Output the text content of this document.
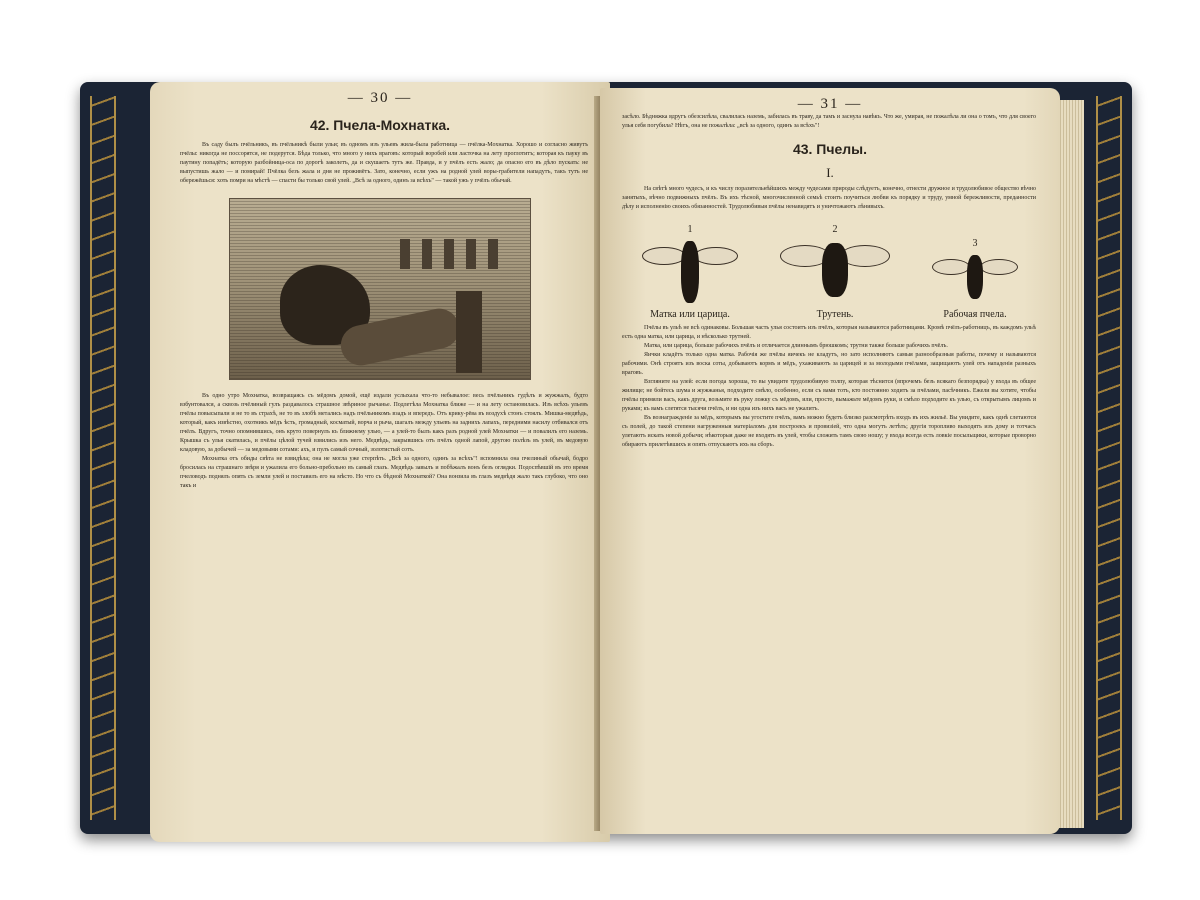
— 30 —
42. Пчела-Мохнатка.

Въ саду былъ пчёльникъ, въ пчёльникѣ были ульи; въ одномъ изъ ульевъ жила-была работница — пчёлка-Мохнатка. Хорошо и согласно живутъ пчёлы: никогда не поссорятся, не подерутся. Бѣда только, что много у нихъ враговъ: который воробей или ласточка на лету проглотитъ; которая къ пауку въ паутину попадётъ; которую разбойница-оса по дорогѣ заколетъ, да и скушаетъ тутъ же. Правда, и у пчёлъ есть жало; да опасно его въ дѣло пускать: не выпустишь жало — и помирай! Пчёлка безъ жала и дня не проживётъ. Зато, конечно, если ужъ на родной улей воры-грабители нападутъ, такъ тутъ не обережёшься: хоть помри на мѣстѣ — спасти бы только свой улей. „Всѣ за одного, одинъ за всѣхъ" — такой ужъ у пчёлъ обычай.

Въ одно утро Мохнатка, возвращаясь съ мёдомъ домой, ещё издали услыхала что-то небывалое: весь пчёльникъ гудѣлъ и жужжалъ, будто взбунтовался, а сквозь пчёлиный гулъ раздавалось страшное звѣриное рычанье. Подлетѣла Мохнатка ближе — и на лету остановилась. Изъ всѣхъ ульевъ пчёлы повысыпали и не то въ страхѣ, не то въ злобѣ метались надъ пчёльникомъ взадъ и впередъ. Отъ крику-рёва въ воздухѣ стонъ стоялъ. Мишка-медвѣдь, который, какъ извѣстно, охотникъ мёдъ ѣсть, громадный, косматый, ворча и рыча, шагалъ между ульевъ на заднихъ лапахъ, передними насилу отбивался отъ пчёлъ. Вдругъ, точно опомнившись, онъ круто повернулъ къ ближнему улью, — а улей-то былъ какъ разъ родной улей Мохнатки — и повалилъ его наземь. Крышка съ улья скатилась, и пчёлы цѣлой тучей взвились изъ него. Медвѣдь, закрывшись отъ пчёлъ одной лапой, другою полѣзъ въ улей, въ медовую кладовую, за добычей — за медовыми сотами: ахъ, и пулъ самый сочный, золотистый сотъ.

Мохнатка отъ обиды свѣта не взвидѣла; она не могла уже стерпѣть. „Всѣ за одного, одинъ за всѣхъ"! вспомнила она пчелиный обычай, бодро бросилась на страшнаго звѣря и ужалила его больно-пребольно въ самый глазъ. Медвѣдь завылъ и побѣжалъ вонъ безъ оглядки. Подоспѣвшій въ это время пчеловодъ поднялъ опять съ земли улей и поставилъ его на мѣсто. Но что съ бѣдной Мохнаткой? Она вонзила въ глазъ медвѣдя жало такъ глубоко, что оно такъ и

— 31 —

засѣло. Бѣдняжка вдругъ обезсилѣла, свалилась наземь, забилась въ траву, да тамъ и заснула навѣкъ. Что же, умирая, не пожалѣла ли она о томъ, что для своего улья себя погубила? Нѣтъ, она не пожалѣла: „всѣ за одного, одинъ за всѣхъ"!

43. Пчелы.
I.

На свѣтѣ много чудесъ, и къ числу поразительнѣйшихъ между чудесами природы слѣдуетъ, конечно, отнести дружное и трудолюбивое общество вѣчно занятыхъ, вѣчно подвижныхъ пчёлъ. Въ ихъ тѣсной, многочисленной семьѣ стоитъ поучиться любви къ порядку и труду, умной бережливости, преданности дѣлу и исполненію своихъ обязанностей. Трудолюбивыя пчёлы ненавидятъ и уничтожаютъ лѣнивыхъ.

1
Матка или царица.
2
Трутень.
3
Рабочая пчела.

Пчёлы въ ульѣ не всѣ одинаковы. Большая часть улья состоитъ изъ пчёлъ, которыя называются работницами. Кромѣ пчёлъ-работницъ, въ каждомъ ульѣ есть одна матка, или царица, и нѣсколько трутней.

Матка, или царица, больше рабочихъ пчёлъ и отличается длиннымъ брюшкомъ; трутни также больше рабочихъ пчёлъ.

Яички кладётъ только одна матка. Рабочія же пчёлы яичекъ не кладутъ, но зато исполняютъ самыя разнообразныя работы, почему и называются рабочими. Онѣ строятъ изъ воска соты, добываютъ кормъ и мёдъ, ухаживаютъ за царицей и за молодыми пчёлами, защищаютъ улей отъ нападенія разныхъ враговъ.

Взгляните на улей: если погода хороша, то вы увидите трудолюбивую толпу, которая тѣснится (впрочемъ безъ всякаго безпорядка) у входа въ общее жилище; не бойтесь шума и жужжанья, подходите смѣло, особенно, если съ вами тотъ, кто постоянно ходитъ за пчёлами, пасѣчникъ. Ежели вы хотите, чтобы пчёлы примяли васъ, какъ друга, возьмите въ руку ложку съ мёдомъ, или, просто, вымажьте мёдомъ руки, и смѣло подходите къ улью, съ открытымъ лицомъ и руками; къ вамъ слетятся тысячи пчёлъ, и ни одна изъ нихъ васъ не ужалитъ.

Въ вознагражденіе за мёдъ, которымъ вы угостите пчёлъ, вамъ можно будетъ близко разсмотрѣть входъ въ ихъ жильё. Вы увидите, какъ однѣ слетаются съ полей, до такой степени нагруженныя матеріаломъ для построекъ и провизіей, что одна могутъ летѣть; другія торопливо выходятъ изъ дому и тотчасъ улетаютъ искать новой добычи; нѣкоторыя даже не входятъ въ улей, чтобы сложить тамъ свою ношу; у входа всегда есть ловкіе посыльщики, которые проворно обираютъ прилетѣвшихъ и опять отпускаютъ ихъ на сборъ.
